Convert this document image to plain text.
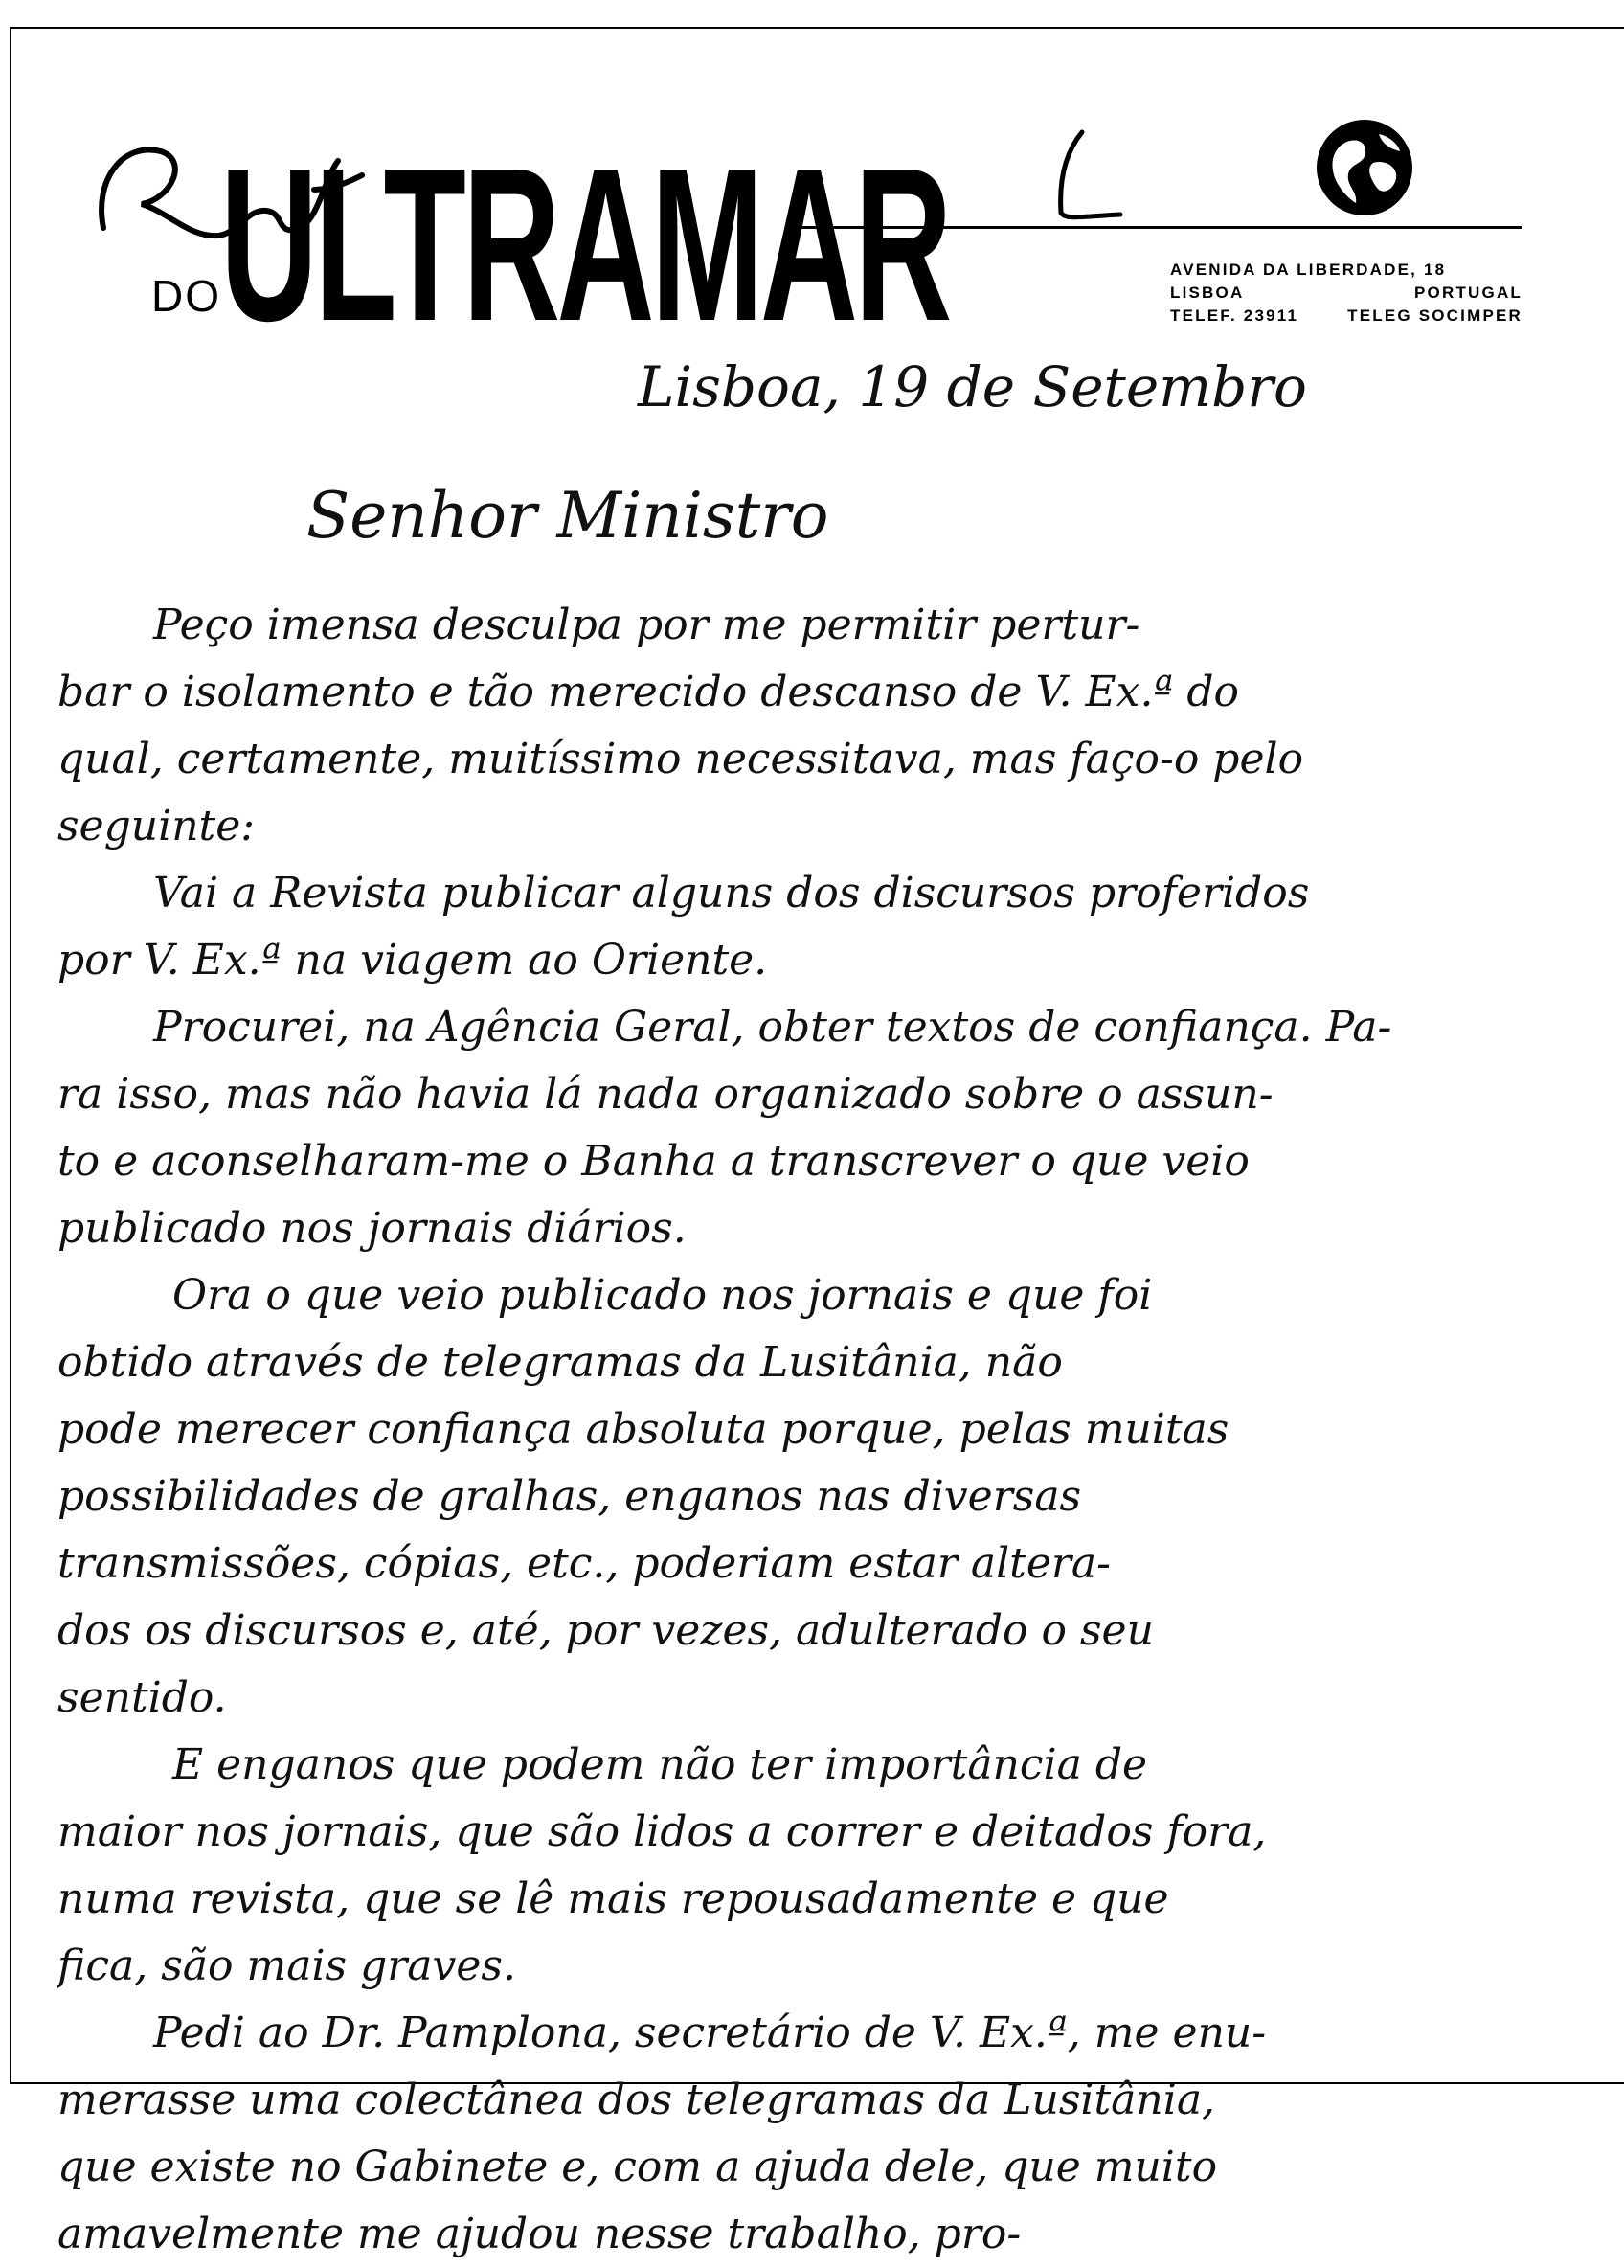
DO ULTRAMAR	AVENIDA DA LIBERDADE, 18
LISBOA	PORTUGAL
TELEF. 23911	TELEG SOCIMPER
Lisboa, 19 de Setembro
Senhor Ministro
Peço imensa desculpa por me permitir pertur-
bar o isolamento e tão merecido descanso de V. Ex.ª do
qual, certamente, muitíssimo necessitava, mas faço-o pelo
seguinte:
Vai a Revista publicar alguns dos discursos proferidos
por V. Ex.ª na viagem ao Oriente.
Procurei, na Agência Geral, obter textos de confiança. Pa-
ra isso, mas não havia lá nada organizado sobre o assun-
to e aconselharam-me o Banha a transcrever o que veio
publicado nos jornais diários.
Ora o que veio publicado nos jornais e que foi
obtido através de telegramas da Lusitânia, não
pode merecer confiança absoluta porque, pelas muitas
possibilidades de gralhas, enganos nas diversas
transmissões, cópias, etc., poderiam estar altera-
dos os discursos e, até, por vezes, adulterado o seu
sentido.
E enganos que podem não ter importância de
maior nos jornais, que são lidos a correr e deitados fora,
numa revista, que se lê mais repousadamente e que
fica, são mais graves.
Pedi ao Dr. Pamplona, secretário de V. Ex.ª, me enu-
merasse uma colectânea dos telegramas da Lusitânia,
que existe no Gabinete e, com a ajuda dele, que muito
amavelmente me ajudou nesse trabalho, pro-
